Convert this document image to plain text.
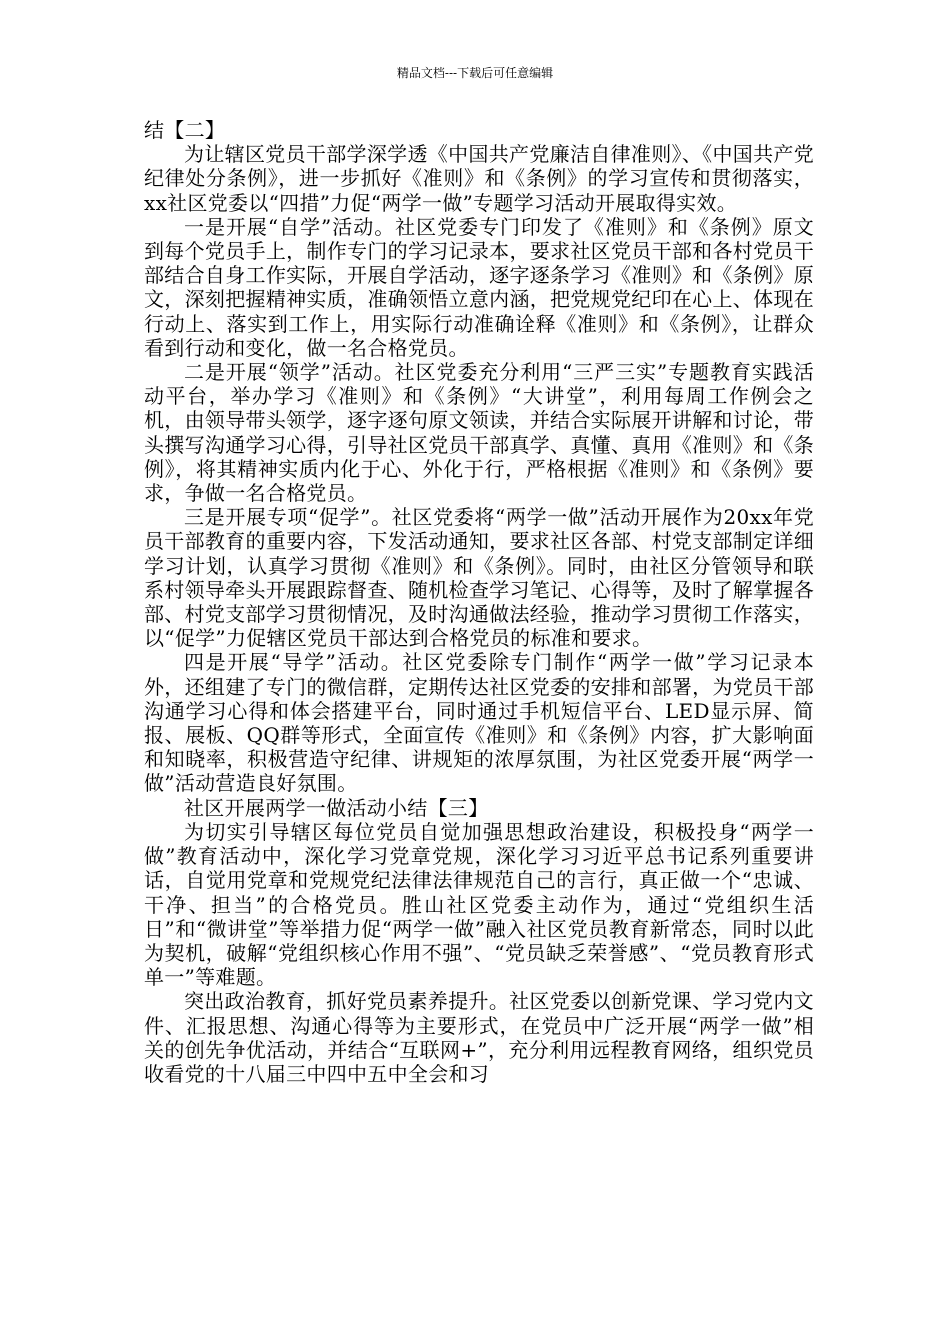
精品文档---下载后可任意编辑

结【二】

为让辖区党员干部学深学透《中国共产党廉洁自律准则》、《中国共产党纪律处分条例》，进一步抓好《准则》和《条例》的学习宣传和贯彻落实，xx社区党委以“四措”力促“两学一做”专题学习活动开展取得实效。

一是开展“自学”活动。社区党委专门印发了《准则》和《条例》原文到每个党员手上，制作专门的学习记录本，要求社区党员干部和各村党员干部结合自身工作实际，开展自学活动，逐字逐条学习《准则》和《条例》原文，深刻把握精神实质，准确领悟立意内涵，把党规党纪印在心上、体现在行动上、落实到工作上，用实际行动准确诠释《准则》和《条例》，让群众看到行动和变化，做一名合格党员。

二是开展“领学”活动。社区党委充分利用“三严三实”专题教育实践活动平台，举办学习《准则》和《条例》“大讲堂”，利用每周工作例会之机，由领导带头领学，逐字逐句原文领读，并结合实际展开讲解和讨论，带头撰写沟通学习心得，引导社区党员干部真学、真懂、真用《准则》和《条例》，将其精神实质内化于心、外化于行，严格根据《准则》和《条例》要求，争做一名合格党员。

三是开展专项“促学”。社区党委将“两学一做”活动开展作为20xx年党员干部教育的重要内容，下发活动通知，要求社区各部、村党支部制定详细学习计划，认真学习贯彻《准则》和《条例》。同时，由社区分管领导和联系村领导牵头开展跟踪督查、随机检查学习笔记、心得等，及时了解掌握各部、村党支部学习贯彻情况，及时沟通做法经验，推动学习贯彻工作落实，以“促学”力促辖区党员干部达到合格党员的标准和要求。

四是开展“导学”活动。社区党委除专门制作“两学一做”学习记录本外，还组建了专门的微信群，定期传达社区党委的安排和部署，为党员干部沟通学习心得和体会搭建平台，同时通过手机短信平台、LED显示屏、简报、展板、QQ群等形式，全面宣传《准则》和《条例》内容，扩大影响面和知晓率，积极营造守纪律、讲规矩的浓厚氛围，为社区党委开展“两学一做”活动营造良好氛围。

社区开展两学一做活动小结【三】

为切实引导辖区每位党员自觉加强思想政治建设，积极投身“两学一做”教育活动中，深化学习党章党规，深化学习习近平总书记系列重要讲话，自觉用党章和党规党纪法律法律规范自己的言行，真正做一个“忠诚、干净、担当”的合格党员。胜山社区党委主动作为，通过“党组织生活日”和“微讲堂”等举措力促“两学一做”融入社区党员教育新常态，同时以此为契机，破解“党组织核心作用不强”、“党员缺乏荣誉感”、“党员教育形式单一”等难题。

突出政治教育，抓好党员素养提升。社区党委以创新党课、学习党内文件、汇报思想、沟通心得等为主要形式，在党员中广泛开展“两学一做”相关的创先争优活动，并结合“互联网+”，充分利用远程教育网络，组织党员收看党的十八届三中四中五中全会和习
